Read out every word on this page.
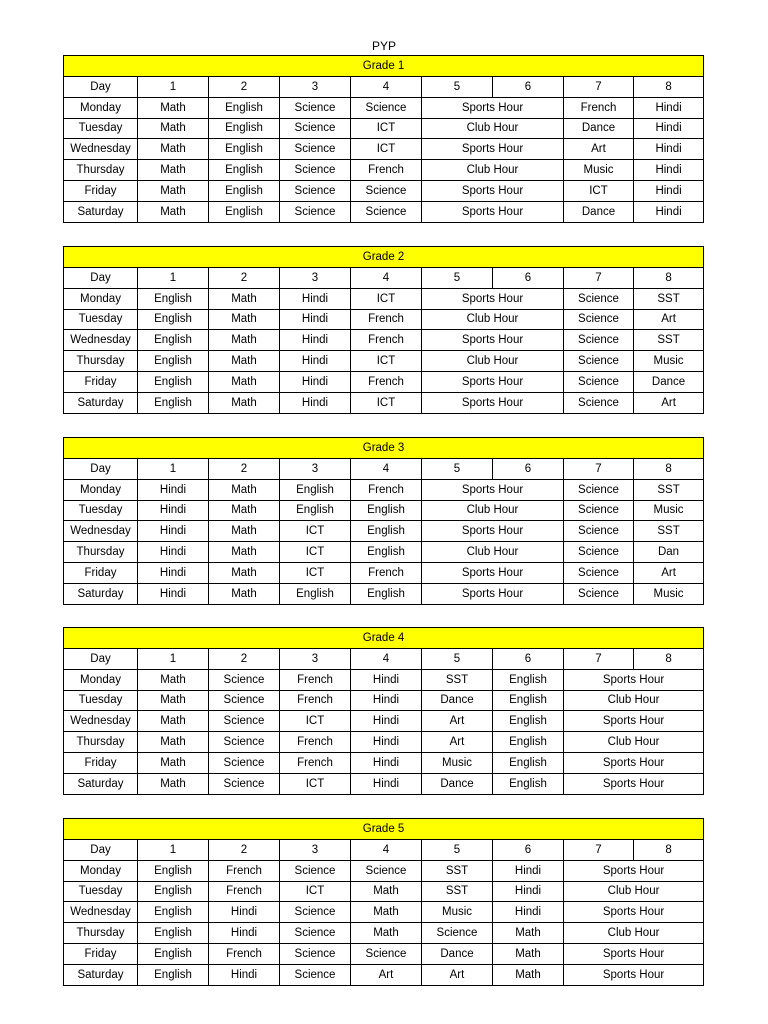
PYP
Grade 1								
Day	1	2	3	4	5	6	7	8
Monday	Math	English	Science	Science	Sports Hour		French	Hindi
Tuesday	Math	English	Science	ICT	Club Hour		Dance	Hindi
Wednesday	Math	English	Science	ICT	Sports Hour		Art	Hindi
Thursday	Math	English	Science	French	Club Hour		Music	Hindi
Friday	Math	English	Science	Science	Sports Hour		ICT	Hindi
Saturday	Math	English	Science	Science	Sports Hour		Dance	Hindi
Grade 2								
Day	1	2	3	4	5	6	7	8
Monday	English	Math	Hindi	ICT	Sports Hour		Science	SST
Tuesday	English	Math	Hindi	French	Club Hour		Science	Art
Wednesday	English	Math	Hindi	French	Sports Hour		Science	SST
Thursday	English	Math	Hindi	ICT	Club Hour		Science	Music
Friday	English	Math	Hindi	French	Sports Hour		Science	Dance
Saturday	English	Math	Hindi	ICT	Sports Hour		Science	Art
Grade 3								
Day	1	2	3	4	5	6	7	8
Monday	Hindi	Math	English	French	Sports Hour		Science	SST
Tuesday	Hindi	Math	English	English	Club Hour		Science	Music
Wednesday	Hindi	Math	ICT	English	Sports Hour		Science	SST
Thursday	Hindi	Math	ICT	English	Club Hour		Science	Dan
Friday	Hindi	Math	ICT	French	Sports Hour		Science	Art
Saturday	Hindi	Math	English	English	Sports Hour		Science	Music
Grade 4								
Day	1	2	3	4	5	6	7	8
Monday	Math	Science	French	Hindi	SST	English	Sports Hour	
Tuesday	Math	Science	French	Hindi	Dance	English	Club Hour	
Wednesday	Math	Science	ICT	Hindi	Art	English	Sports Hour	
Thursday	Math	Science	French	Hindi	Art	English	Club Hour	
Friday	Math	Science	French	Hindi	Music	English	Sports Hour	
Saturday	Math	Science	ICT	Hindi	Dance	English	Sports Hour	
Grade 5								
Day	1	2	3	4	5	6	7	8
Monday	English	French	Science	Science	SST	Hindi	Sports Hour	
Tuesday	English	French	ICT	Math	SST	Hindi	Club Hour	
Wednesday	English	Hindi	Science	Math	Music	Hindi	Sports Hour	
Thursday	English	Hindi	Science	Math	Science	Math	Club Hour	
Friday	English	French	Science	Science	Dance	Math	Sports Hour	
Saturday	English	Hindi	Science	Art	Art	Math	Sports Hour	
